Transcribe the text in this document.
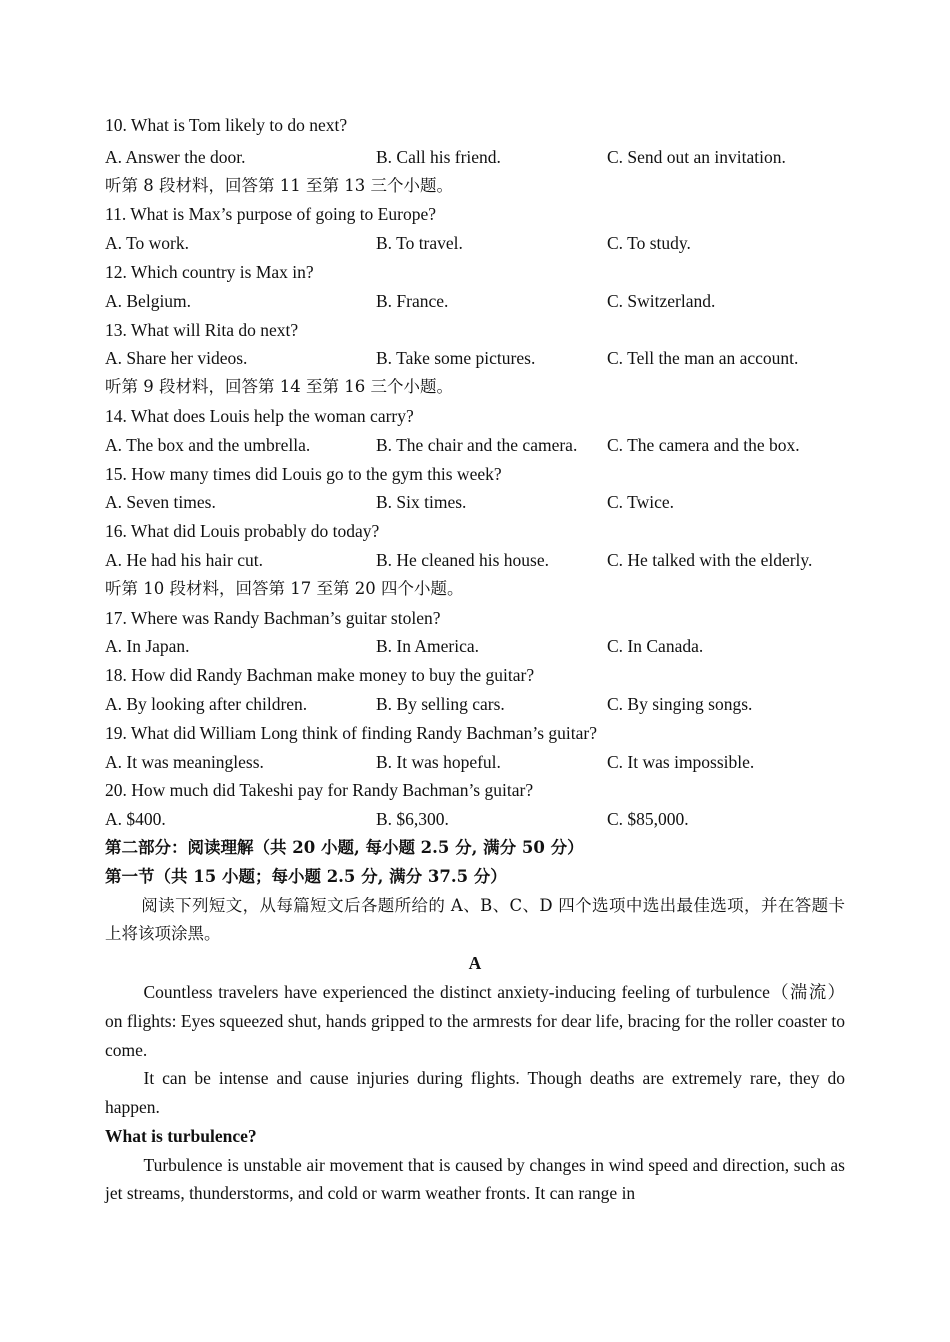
10. What is Tom likely to do next?
A. Answer the door.	B. Call his friend.	C. Send out an invitation.
听第 8 段材料，回答第 11 至第 13 三个小题。
11. What is Max’s purpose of going to Europe?
A. To work.	B. To travel.	C. To study.
12. Which country is Max in?
A. Belgium.	B. France.	C. Switzerland.
13. What will Rita do next?
A. Share her videos.	B. Take some pictures.	C. Tell the man an account.
听第 9 段材料，回答第 14 至第 16 三个小题。
14. What does Louis help the woman carry?
A. The box and the umbrella.	B. The chair and the camera. C. The camera and the box.
15. How many times did Louis go to the gym this week?
A. Seven times.	B. Six times.	C. Twice.
16. What did Louis probably do today?
A. He had his hair cut.	B. He cleaned his house.	C. He talked with the elderly.
听第 10 段材料，回答第 17 至第 20 四个小题。
17. Where was Randy Bachman’s guitar stolen?
A. In Japan.	B. In America.	C. In Canada.
18. How did Randy Bachman make money to buy the guitar?
A. By looking after children.	B. By selling cars.	C. By singing songs.
19. What did William Long think of finding Randy Bachman’s guitar?
A. It was meaningless.	B. It was hopeful.	C. It was impossible.
20. How much did Takeshi pay for Randy Bachman’s guitar?
A. $400.	B. $6,300.	C. $85,000.
第二部分：阅读理解（共 20 小题, 每小题 2.5 分, 满分 50 分）
第一节（共 15 小题；每小题 2.5 分, 满分 37.5 分）
阅读下列短文，从每篇短文后各题所给的 A、B、C、D 四个选项中选出最佳选项，并在答题卡上将该项涂黑。
A
Countless travelers have experienced the distinct anxiety-inducing feeling of turbulence（湍流） on flights: Eyes squeezed shut, hands gripped to the armrests for dear life, bracing for the roller coaster to come.
It can be intense and cause injuries during flights. Though deaths are extremely rare, they do happen.
What is turbulence?
Turbulence is unstable air movement that is caused by changes in wind speed and direction, such as jet streams, thunderstorms, and cold or warm weather fronts. It can range in
